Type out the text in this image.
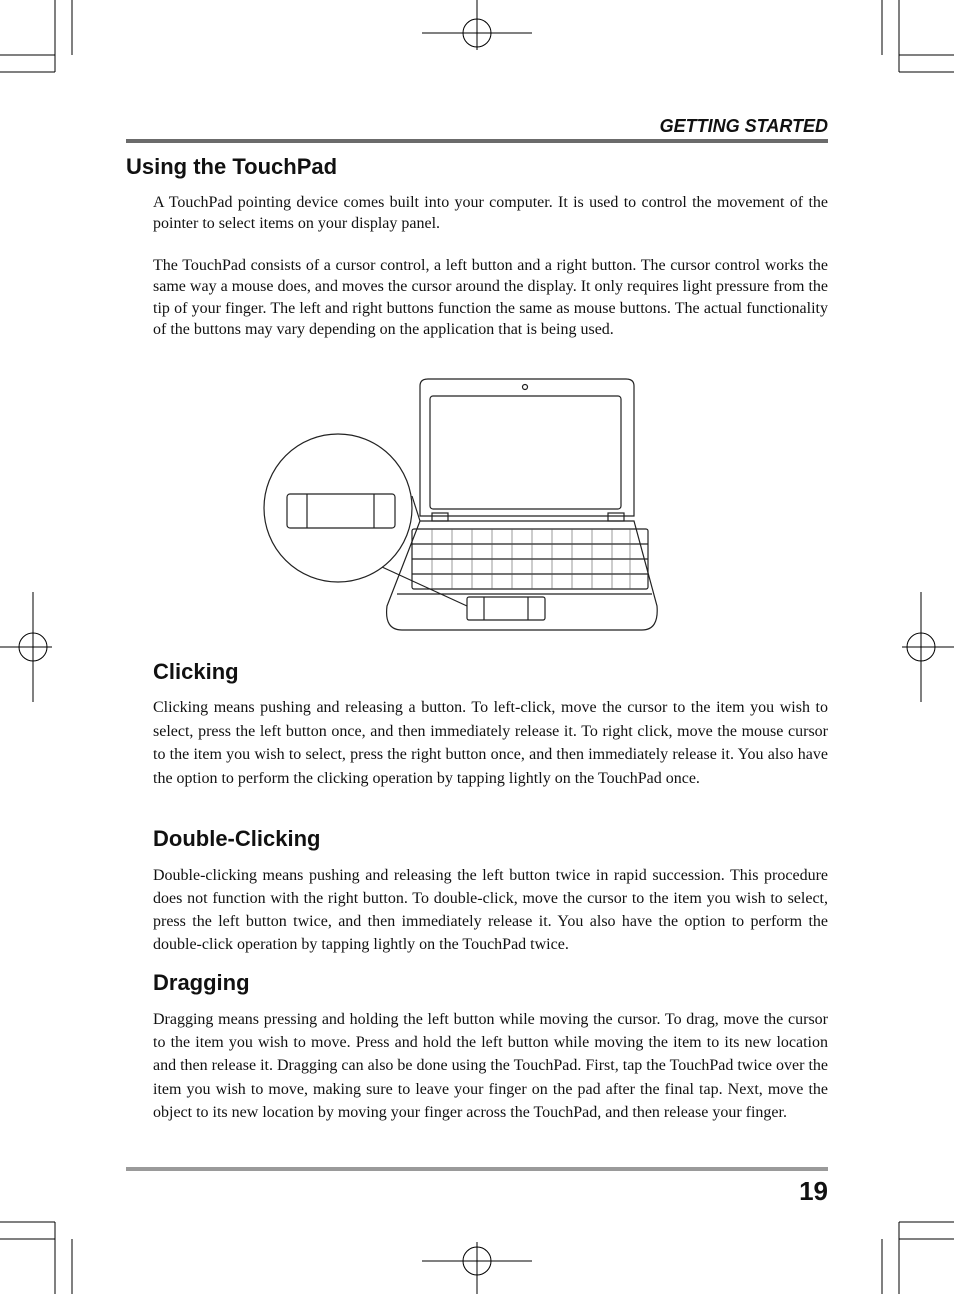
GETTING STARTED
Using the TouchPad

A TouchPad pointing device comes built into your computer. It is used to control the movement of the pointer to select items on your display panel.

The TouchPad consists of a cursor control, a left button and a right button. The cursor control works the same way a mouse does, and moves the cursor around the display. It only requires light pressure from the tip of your finger. The left and right buttons function the same as mouse buttons. The actual functionality of the buttons may vary depending on the application that is being used.

Clicking

Clicking means pushing and releasing a button. To left-click, move the cursor to the item you wish to select, press the left button once, and then immediately release it. To right click, move the mouse cursor to the item you wish to select, press the right button once, and then immediately release it. You also have the option to perform the clicking operation by tapping lightly on the TouchPad once.

Double-Clicking

Double-clicking means pushing and releasing the left button twice in rapid succession. This procedure does not function with the right button. To double-click, move the cursor to the item you wish to select, press the left button twice, and then immediately release it. You also have the option to perform the double-click operation by tapping lightly on the TouchPad twice.

Dragging

Dragging means pressing and holding the left button while moving the cursor. To drag, move the cursor to the item you wish to move. Press and hold the left button while moving the item to its new location and then release it. Dragging can also be done using the TouchPad. First, tap the TouchPad twice over the item you wish to move, making sure to leave your finger on the pad after the final tap. Next, move the object to its new location by moving your finger across the TouchPad, and then release your finger.

19
